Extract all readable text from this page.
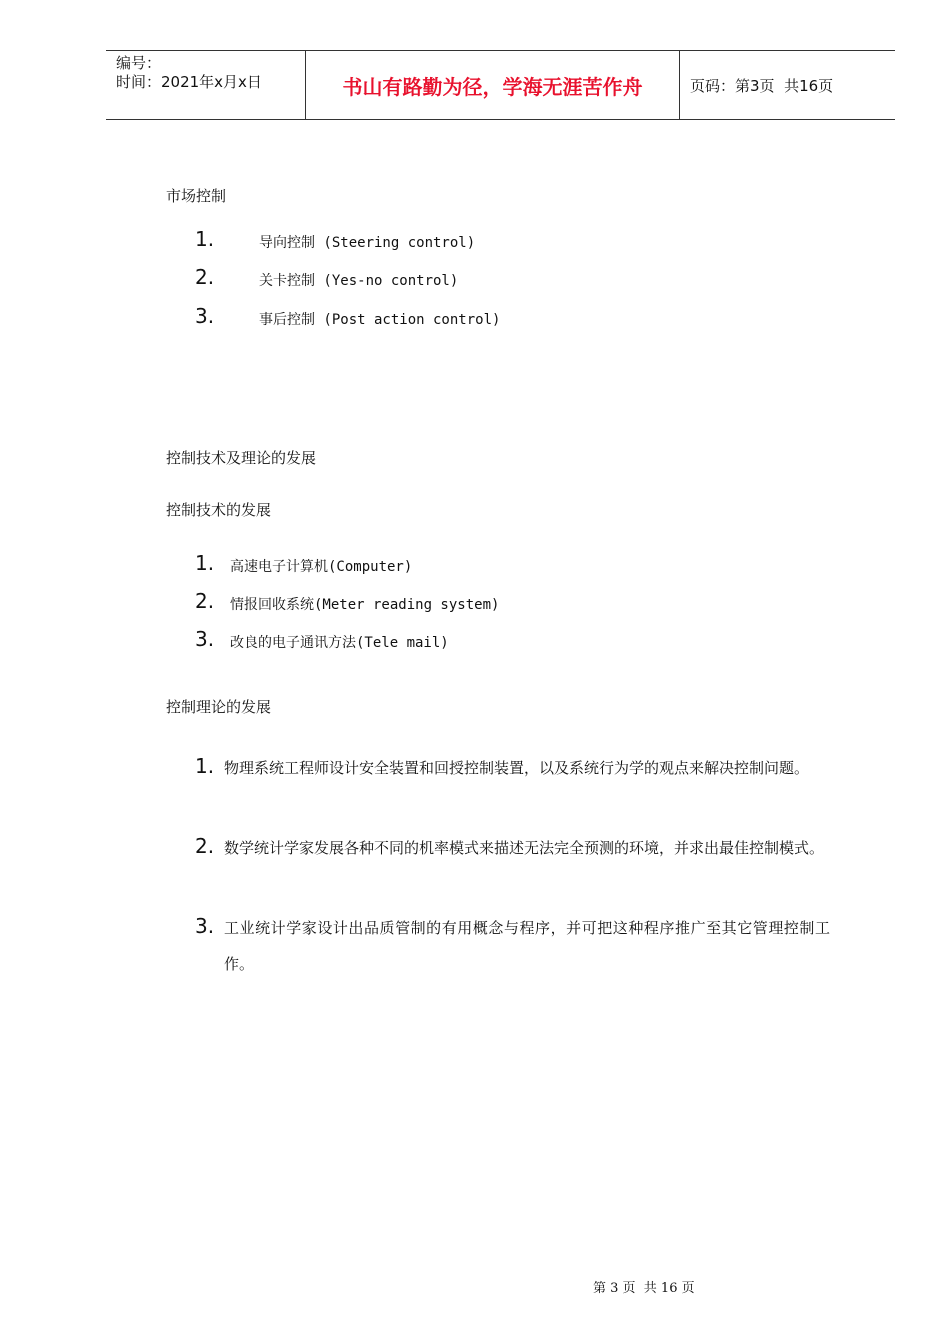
编号：
时间：2021年x月x日	书山有路勤为径，学海无涯苦作舟	页码：第3页  共16页
市场控制
1.	导向控制 (Steering control)
2.	关卡控制 (Yes-no control)
3.	事后控制 (Post action control)
控制技术及理论的发展
控制技术的发展
1. 高速电子计算机(Computer)
2. 情报回收系统(Meter reading system)
3. 改良的电子通讯方法(Tele mail)
控制理论的发展
1. 物理系统工程师设计安全装置和回授控制装置，以及系统行为学的观点来解决控制问题。
2. 数学统计学家发展各种不同的机率模式来描述无法完全预测的环境，并求出最佳控制模式。
3. 工业统计学家设计出品质管制的有用概念与程序，并可把这种程序推广至其它管理控制工作。
第 3 页  共 16 页
